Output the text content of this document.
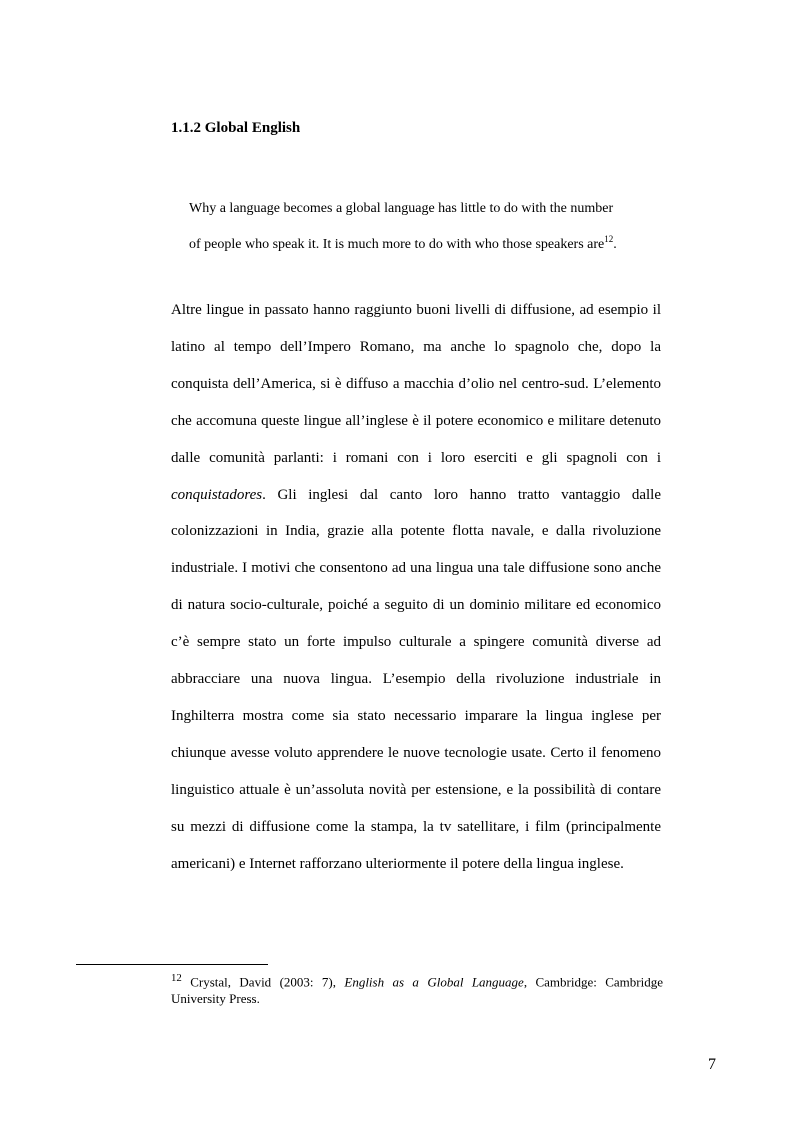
1.1.2 Global English
Why a language becomes a global language has little to do with the number
of people who speak it. It is much more to do with who those speakers are$^{12}$.

Altre lingue in passato hanno raggiunto buoni livelli di diffusione, ad esempio il latino al tempo dell’Impero Romano, ma anche lo spagnolo che, dopo la conquista dell’America, si è diffuso a macchia d’olio nel centro-sud. L’elemento che accomuna queste lingue all’inglese è il potere economico e militare detenuto dalle comunità parlanti: i romani con i loro eserciti e gli spagnoli con i conquistadores. Gli inglesi dal canto loro hanno tratto vantaggio dalle colonizzazioni in India, grazie alla potente flotta navale, e dalla rivoluzione industriale. I motivi che consentono ad una lingua una tale diffusione sono anche di natura socio-culturale, poiché a seguito di un dominio militare ed economico c’è sempre stato un forte impulso culturale a spingere comunità diverse ad abbracciare una nuova lingua. L’esempio della rivoluzione industriale in Inghilterra mostra come sia stato necessario imparare la lingua inglese per chiunque avesse voluto apprendere le nuove tecnologie usate. Certo il fenomeno linguistico attuale è un’assoluta novità per estensione, e la possibilità di contare su mezzi di diffusione come la stampa, la tv satellitare, i film (principalmente americani) e Internet rafforzano ulteriormente il potere della lingua inglese.

$^{12}$ Crystal, David (2003: 7), English as a Global Language, Cambridge: Cambridge University Press.

7
